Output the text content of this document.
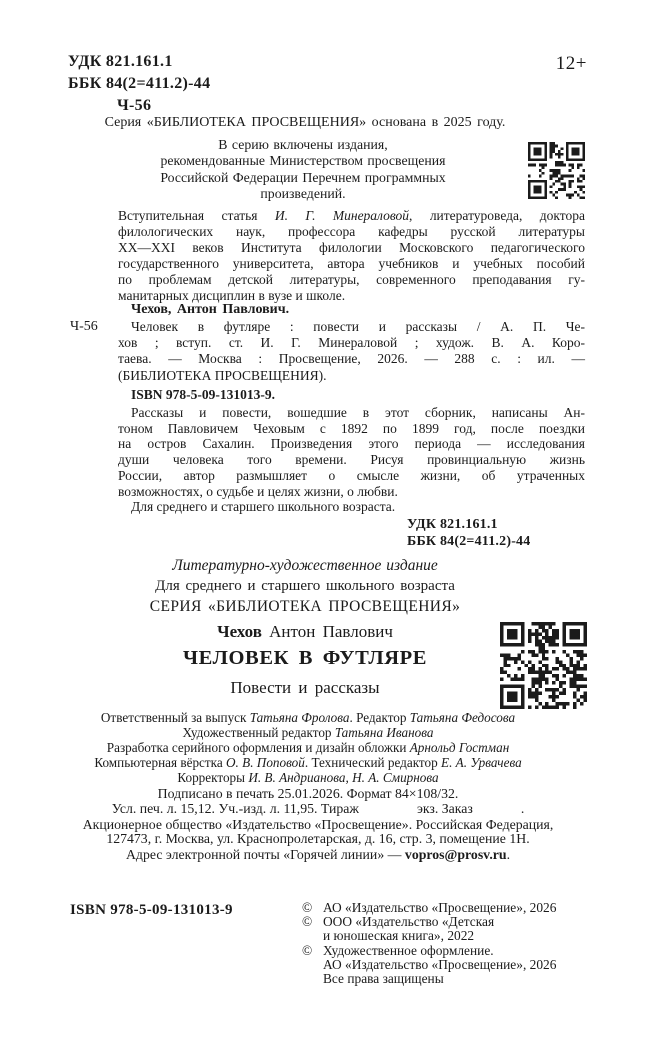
УДК 821.161.1
ББК 84(2=411.2)-44
Ч-56
12+
Серия «БИБЛИОТЕКА ПРОСВЕЩЕНИЯ» основана в 2025 году.
В серию включены издания,
рекомендованные Министерством просвещения
Российской Федерации Перечнем программных
произведений.
Вступительная статья И. Г. Минераловой, литературоведа, доктора
филологических наук, профессора кафедры русской литературы
XX—XXI веков Института филологии Московского педагогического
государственного университета, автора учебников и учебных пособий
по проблемам детской литературы, современного преподавания гу-
манитарных дисциплин в вузе и школе.
Чехов, Антон Павлович.
Ч-56	Человек в футляре : повести и рассказы / А. П. Че-
хов ; вступ. ст. И. Г. Минераловой ; худож. В. А. Коро-
таева. — Москва : Просвещение, 2026. — 288 с. : ил. —
(БИБЛИОТЕКА ПРОСВЕЩЕНИЯ).
ISBN 978-5-09-131013-9.
Рассказы и повести, вошедшие в этот сборник, написаны Ан-
тоном Павловичем Чеховым с 1892 по 1899 год, после поездки
на остров Сахалин. Произведения этого периода — исследования
души человека того времени. Рисуя провинциальную жизнь
России, автор размышляет о смысле жизни, об утраченных
возможностях, о судьбе и целях жизни, о любви.
Для среднего и старшего школьного возраста.
УДК 821.161.1
ББК 84(2=411.2)-44
Литературно-художественное издание
Для среднего и старшего школьного возраста
СЕРИЯ «БИБЛИОТЕКА ПРОСВЕЩЕНИЯ»
Чехов Антон Павлович
ЧЕЛОВЕК В ФУТЛЯРЕ
Повести и рассказы
Ответственный за выпуск Татьяна Фролова. Редактор Татьяна Федосова
Художественный редактор Татьяна Иванова
Разработка серийного оформления и дизайн обложки Арнольд Гостман
Компьютерная вёрстка О. В. Поповой. Технический редактор Е. А. Урвачева
Корректоры И. В. Андрианова, Н. А. Смирнова
Подписано в печать 25.01.2026. Формат 84×108/32.
Усл. печ. л. 15,12. Уч.-изд. л. 11,95. Тираж	экз. Заказ	.
Акционерное общество «Издательство «Просвещение». Российская Федерация,
127473, г. Москва, ул. Краснопролетарская, д. 16, стр. 3, помещение 1Н.
Адрес электронной почты «Горячей линии» — vopros@prosv.ru.
ISBN 978-5-09-131013-9	© АО «Издательство «Просвещение», 2026
© ООО «Издательство «Детская
и юношеская книга», 2022
© Художественное оформление.
АО «Издательство «Просвещение», 2026
Все права защищены
